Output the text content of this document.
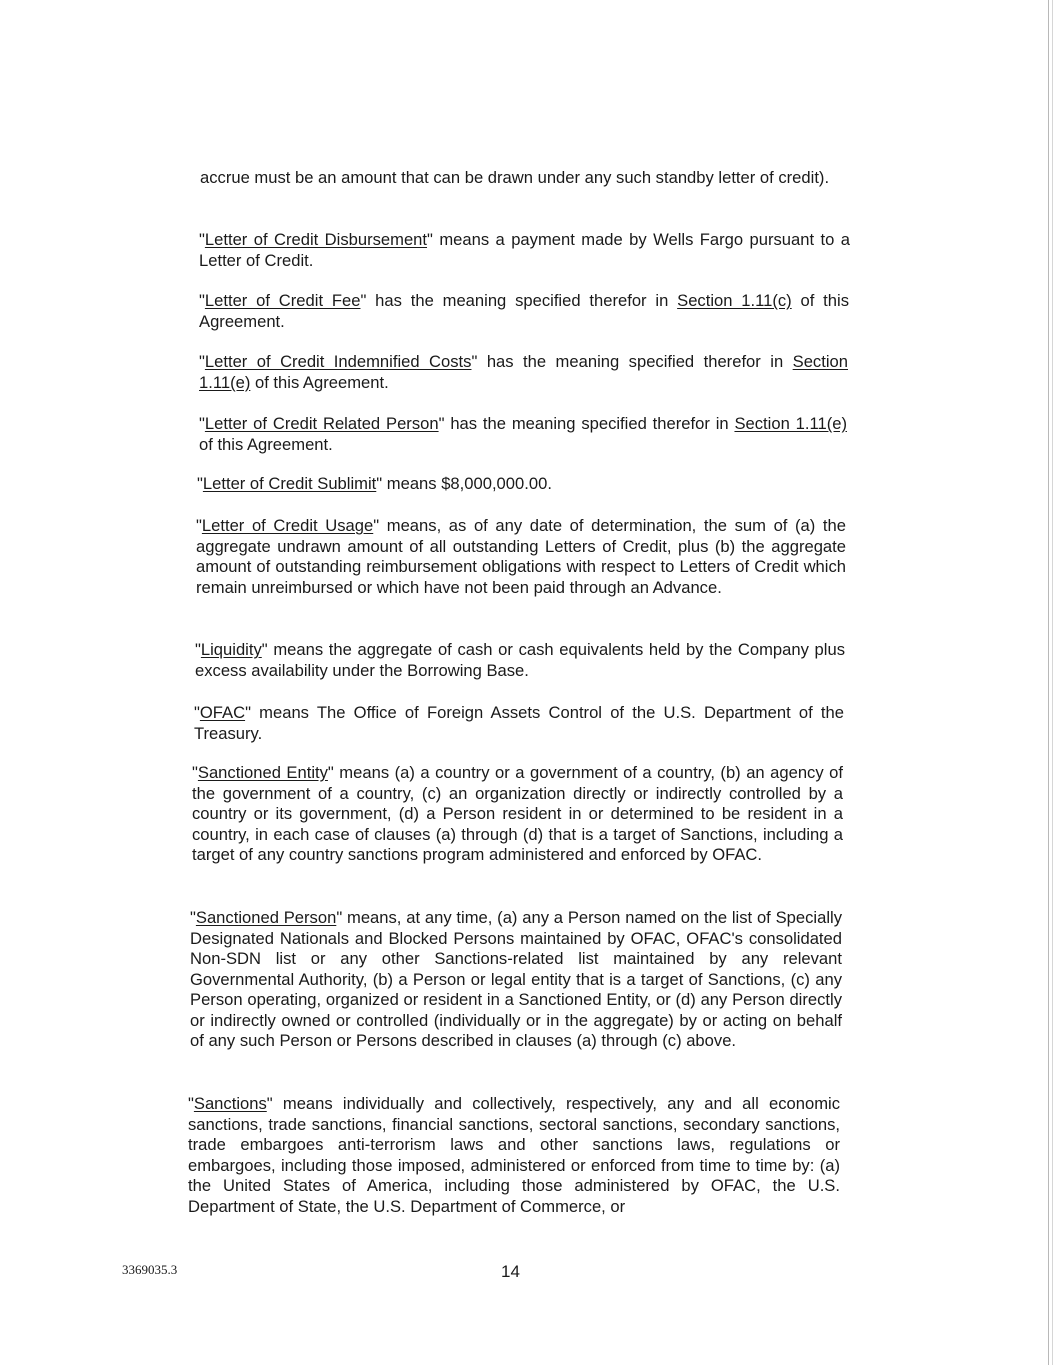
accrue must be an amount that can be drawn under any such standby letter of credit).

"Letter of Credit Disbursement" means a payment made by Wells Fargo pursuant to a Letter of Credit.

"Letter of Credit Fee" has the meaning specified therefor in Section 1.11(c) of this Agreement.

"Letter of Credit Indemnified Costs" has the meaning specified therefor in Section 1.11(e) of this Agreement.

"Letter of Credit Related Person" has the meaning specified therefor in Section 1.11(e) of this Agreement.

"Letter of Credit Sublimit" means $8,000,000.00.

"Letter of Credit Usage" means, as of any date of determination, the sum of (a) the aggregate undrawn amount of all outstanding Letters of Credit, plus (b) the aggregate amount of outstanding reimbursement obligations with respect to Letters of Credit which remain unreimbursed or which have not been paid through an Advance.

"Liquidity" means the aggregate of cash or cash equivalents held by the Company plus excess availability under the Borrowing Base.

"OFAC" means The Office of Foreign Assets Control of the U.S. Department of the Treasury.

"Sanctioned Entity" means (a) a country or a government of a country, (b) an agency of the government of a country, (c) an organization directly or indirectly controlled by a country or its government, (d) a Person resident in or determined to be resident in a country, in each case of clauses (a) through (d) that is a target of Sanctions, including a target of any country sanctions program administered and enforced by OFAC.

"Sanctioned Person" means, at any time, (a) any a Person named on the list of Specially Designated Nationals and Blocked Persons maintained by OFAC, OFAC's consolidated Non-SDN list or any other Sanctions-related list maintained by any relevant Governmental Authority, (b) a Person or legal entity that is a target of Sanctions, (c) any Person operating, organized or resident in a Sanctioned Entity, or (d) any Person directly or indirectly owned or controlled (individually or in the aggregate) by or acting on behalf of any such Person or Persons described in clauses (a) through (c) above.

"Sanctions" means individually and collectively, respectively, any and all economic sanctions, trade sanctions, financial sanctions, sectoral sanctions, secondary sanctions, trade embargoes anti-terrorism laws and other sanctions laws, regulations or embargoes, including those imposed, administered or enforced from time to time by: (a) the United States of America, including those administered by OFAC, the U.S. Department of State, the U.S. Department of Commerce, or

3369035.3	14
